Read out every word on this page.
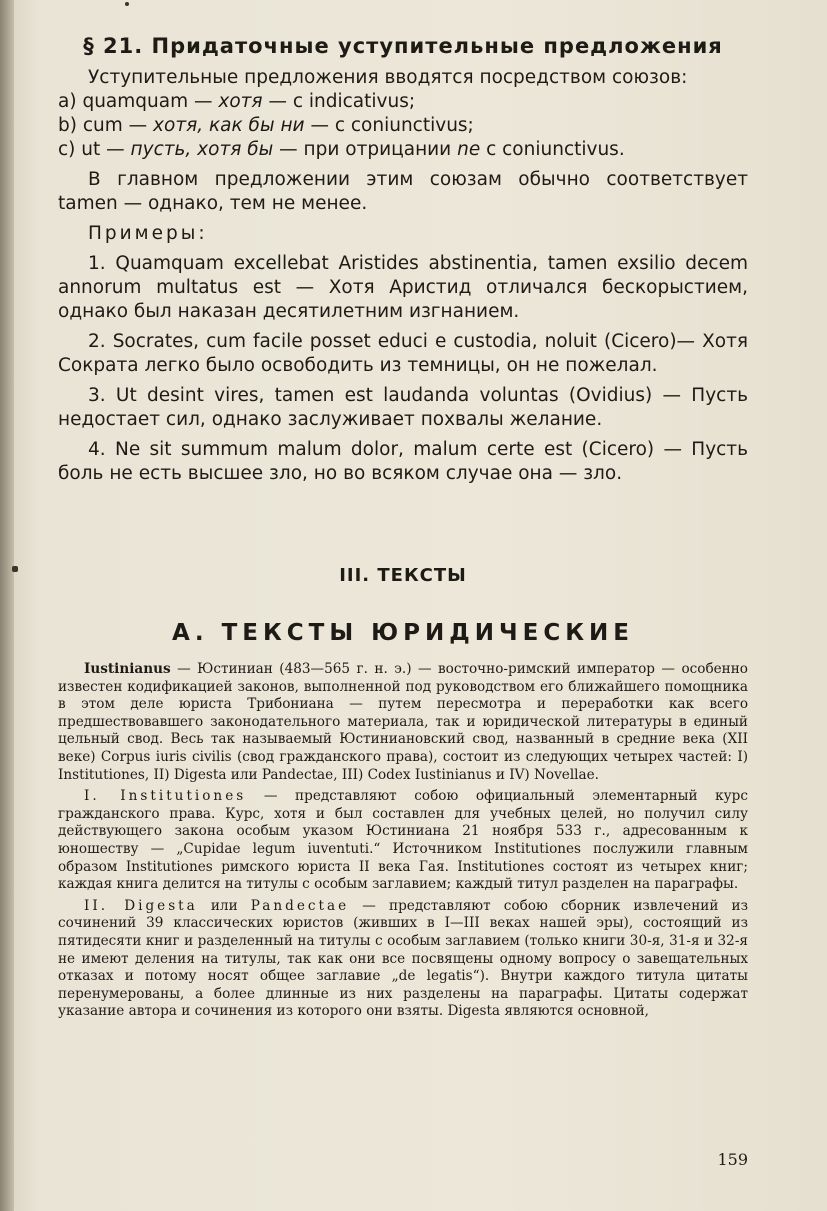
§ 21. Придаточные уступительные предложения

Уступительные предложения вводятся посредством союзов:

a) quamquam — хотя — с indicativus;

b) cum — хотя, как бы ни — с coniunctivus;

c) ut — пусть, хотя бы — при отрицании ne с coniunctivus.

В главном предложении этим союзам обычно соответствует tamen — однако, тем не менее.

Примеры:

1. Quamquam excellebat Aristides abstinentia, tamen exsilio decem annorum multatus est — Хотя Аристид отличался бескорыстием, однако был наказан десятилетним изгнанием.

2. Socrates, cum facile posset educi e custodia, noluit (Cicero)— Хотя Сократа легко было освободить из темницы, он не пожелал.

3. Ut desint vires, tamen est laudanda voluntas (Ovidius) — Пусть недостает сил, однако заслуживает похвалы желание.

4. Ne sit summum malum dolor, malum certe est (Cicero) — Пусть боль не есть высшее зло, но во всяком случае она — зло.

III. ТЕКСТЫ
А. ТЕКСТЫ ЮРИДИЧЕСКИЕ

Iustinianus — Юстиниан (483—565 г. н. э.) — восточно-римский император — особенно известен кодификацией законов, выполненной под руководством его ближайшего помощника в этом деле юриста Трибониана — путем пересмотра и переработки как всего предшествовавшего законодательного материала, так и юридической литературы в единый цельный свод. Весь так называемый Юстиниановский свод, названный в средние века (XII веке) Corpus iuris civilis (свод гражданского права), состоит из следующих четырех частей: I) Institutiones, II) Digesta или Pandectae, III) Codex Iustinianus и IV) Novellae.

I. Institutiones — представляют собою официальный элементарный курс гражданского права. Курс, хотя и был составлен для учебных целей, но получил силу действующего закона особым указом Юстиниана 21 ноября 533 г., адресованным к юношеству — „Cupidae legum iuventuti.“ Источником Institutiones послужили главным образом Institutiones римского юриста II века Гая. Institutiones состоят из четырех книг; каждая книга делится на титулы с особым заглавием; каждый титул разделен на параграфы.

II. Digesta или Pandectae — представляют собою сборник извлечений из сочинений 39 классических юристов (живших в I—III веках нашей эры), состоящий из пятидесяти книг и разделенный на титулы с особым заглавием (только книги 30-я, 31-я и 32-я не имеют деления на титулы, так как они все посвящены одному вопросу о завещательных отказах и потому носят общее заглавие „de legatis“). Внутри каждого титула цитаты перенумерованы, а более длинные из них разделены на параграфы. Цитаты содержат указание автора и сочинения из которого они взяты. Digesta являются основной,

159
